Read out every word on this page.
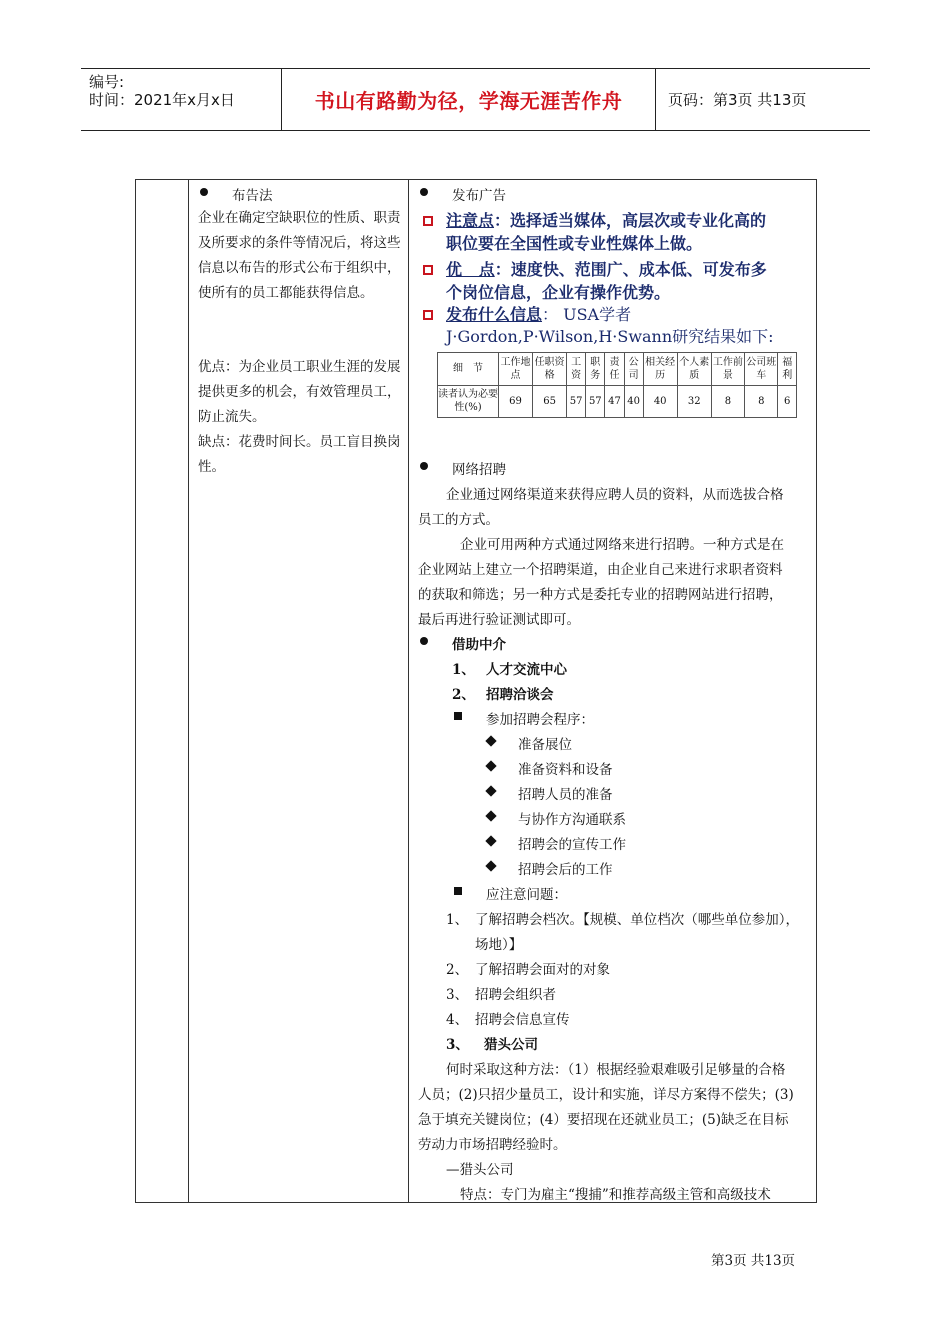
编号:
时间：2021年x月x日	书山有路勤为径，学海无涯苦作舟	页码：第3页 共13页
布告法
企业在确定空缺职位的性质、职责及所要求的条件等情况后，将这些信息以布告的形式公布于组织中，使所有的员工都能获得信息。
优点：为企业员工职业生涯的发展提供更多的机会，有效管理员工，防止流失。
缺点：花费时间长。员工盲目换岗性。
发布广告
注意点：选择适当媒体，高层次或专业化高的
职位要在全国性或专业性媒体上做。
优   点：速度快、范围广、成本低、可发布多
个岗位信息，企业有操作优势。
发布什么信息： USA学者
J·Gordon,P·Wilson,H·Swann研究结果如下:
细　节	工作地点	任职资格	工资	职务	责任	公司	相关经历	个人素质	工作前景	公司班车	福利
读者认为必要性(%)	69	65	57	57	47	40	40	32	8	8	6
网络招聘
企业通过网络渠道来获得应聘人员的资料，从而选拔合格
员工的方式。
企业可用两种方式通过网络来进行招聘。一种方式是在
企业网站上建立一个招聘渠道，由企业自己来进行求职者资料
的获取和筛选；另一种方式是委托专业的招聘网站进行招聘，
最后再进行验证测试即可。
借助中介
1、 人才交流中心
2、 招聘洽谈会
参加招聘会程序：
准备展位
准备资料和设备
招聘人员的准备
与协作方沟通联系
招聘会的宣传工作
招聘会后的工作
应注意问题：
1、 了解招聘会档次。【规模、单位档次（哪些单位参加），
场地）】
2、 了解招聘会面对的对象
3、 招聘会组织者
4、 招聘会信息宣传
3、 猎头公司
何时采取这种方法：（1）根据经验艰难吸引足够量的合格
人员；(2)只招少量员工，设计和实施，详尽方案得不偿失；(3)
急于填充关键岗位；(4）要招现在还就业员工；(5)缺乏在目标
劳动力市场招聘经验时。
—猎头公司
特点：专门为雇主“搜捕”和推荐高级主管和高级技术
第3页 共13页
